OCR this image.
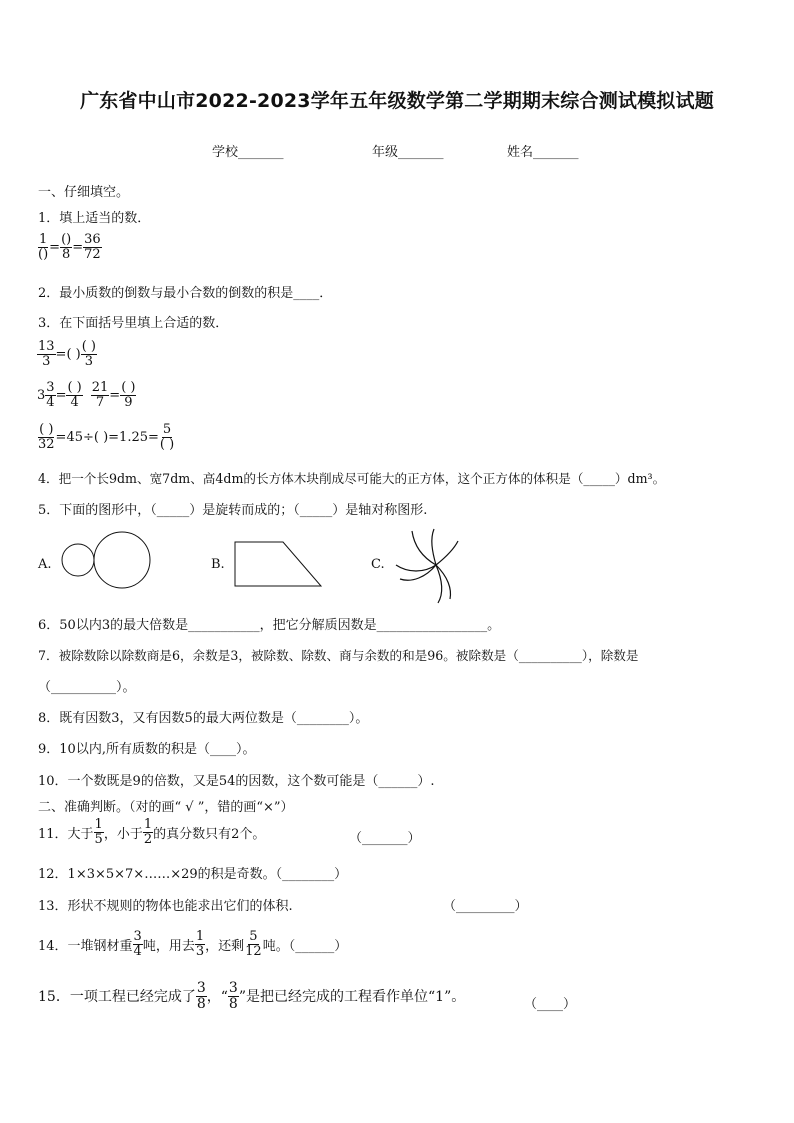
广东省中山市2022-2023学年五年级数学第二学期期末综合测试模拟试题
学校_______	年级_______	姓名_______
一、仔细填空。
1．填上适当的数．
$\frac{1}{()} = \frac{()}{8} = \frac{36}{72}$
2．最小质数的倒数与最小合数的倒数的积是____．
3．在下面括号里填上合适的数．
$\frac{13}{3}$ =( ) $\frac{( )}{3}$
$3 \frac{3}{4} = \frac{( )}{4} \frac{21}{7} = \frac{( )}{9}$
$\frac{( )}{32} =45\div$( )$=1.25= \frac{5}{( )}$
4．把一个长9dm、宽7dm、高4dm的长方体木块削成尽可能大的正方体，这个正方体的体积是（_____）dm³。
5．下面的图形中，（_____）是旋转而成的；（_____）是轴对称图形.
A.	B.	C.
6．50以内3的最大倍数是___________，把它分解质因数是_________________。
7．被除数除以除数商是6，余数是3，被除数、除数、商与余数的和是96。被除数是（__________），除数是
（__________）。
8．既有因数3，又有因数5的最大两位数是（________）。
9．10以内,所有质数的积是（____）。
10．一个数既是9的倍数，又是54的因数，这个数可能是（______）.
二、准确判断。（对的画“ √ ”，错的画“×”）
11．大于 $\frac{1}{5}$ ，小于 $\frac{1}{2}$ 的真分数只有2个。	（_______）
12．1×3×5×7×……×29的积是奇数。（________）
13．形状不规则的物体也能求出它们的体积.	（_________）
14．一堆钢材重 $\frac{3}{4}$ 吨，用去 $\frac{1}{3}$ ，还剩 $\frac{5}{12}$ 吨。（______）
15．一项工程已经完成了 $\frac{3}{8}$ ，“ $\frac{3}{8}$ ”是把已经完成的工程看作单位“1”。	（____）
